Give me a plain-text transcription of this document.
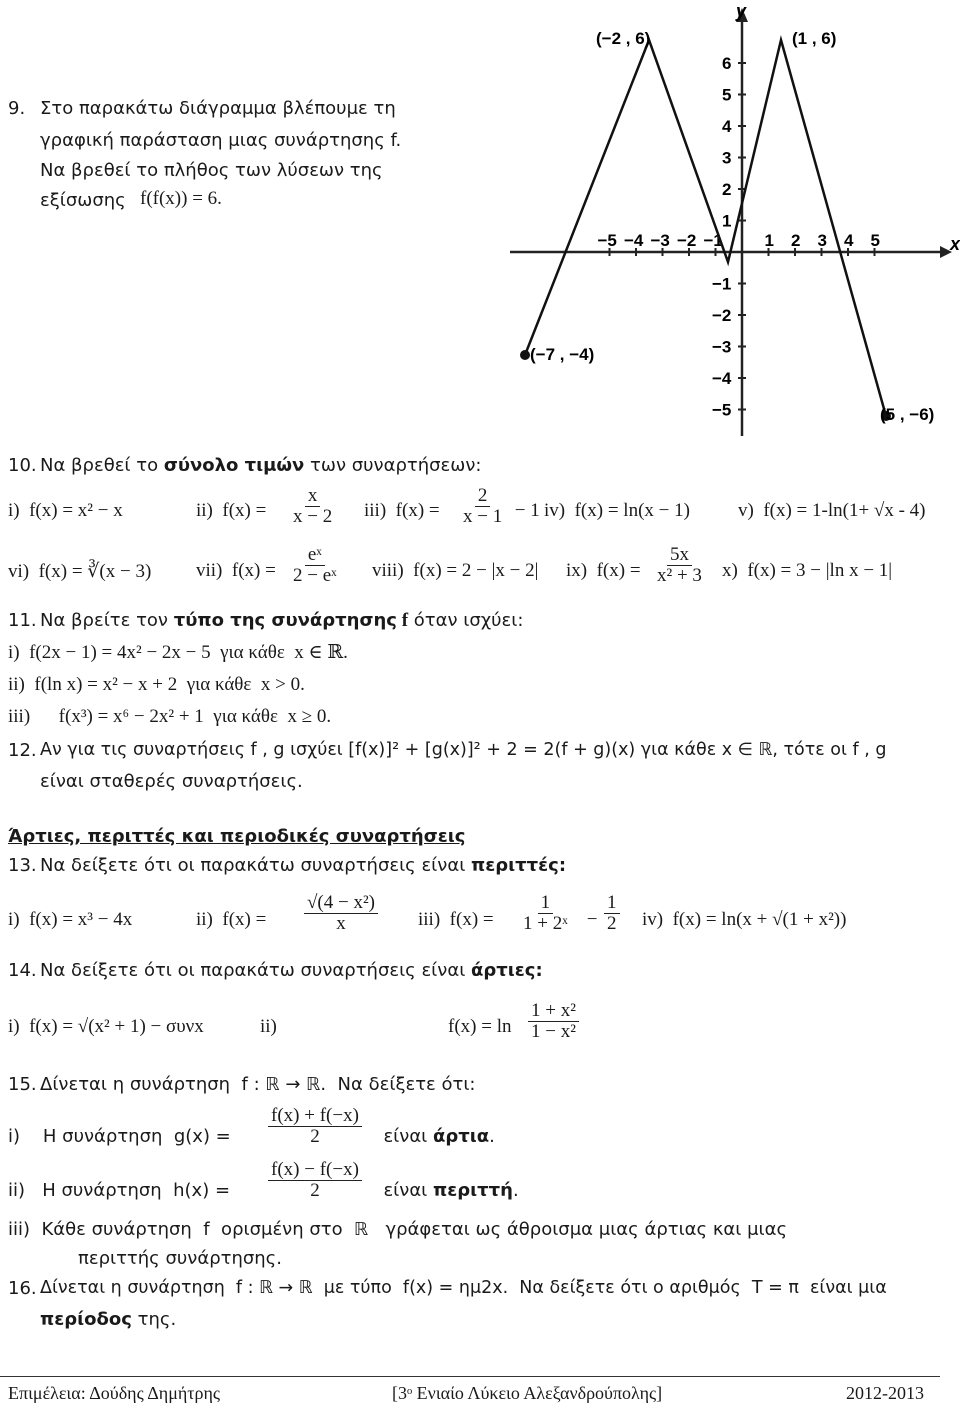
9. Στο παρακάτω διάγραμμα βλέπουμε τη
γραφική παράσταση μιας συνάρτησης f.
Να βρεθεί το πλήθος των λύσεων της
εξίσωσης f(f(x)) = 6.
−5 −4 −3 −2 −1 1 2 3 4 5
6
5
4
3
2
1
−1
−2
−3
−4
−5
x
y
(−2 , 6)	(1 , 6)
(−7 , −4)
(5 , −6)
10. Να βρεθεί το σύνολο τιμών των συναρτήσεων:
i)  f(x) = x² − x	ii)  $f(x) = \frac{x}{x - 2} iii$)  $f(x) = \frac{2}{x - 1} - 1$ iv)  f(x) = ln(x − 1)	v)  f(x) = 1-ln(1+ √x - 4)
vi)  f(x) = ∛(x − 3) vii)  $f(x) = \frac{\text{eˣ}}{\text{2 − eˣ}}$ viii)  f(x) = 2 − |x − 2| ix)  $f(x) = \frac{5x}{\text{x² + 3}} x$)  f(x) = 3 − |ln x − 1|
11. Να βρείτε τον τύπο της συνάρτησης f όταν ισχύει:
i)  f(2x − 1) = 4x² − 2x − 5  για κάθε  x ∈ ℝ.
ii)  f(ln x) = x² − x + 2  για κάθε  x > 0.
iii)      f(x³) = x⁶ − 2x² + 1  για κάθε  x ≥ 0.
12. Αν για τις συναρτήσεις f , g ισχύει [f(x)]² + [g(x)]² + 2 = 2(f + g)(x) για κάθε x ∈ ℝ, τότε οι f , g
είναι σταθερές συναρτήσεις.
Άρτιες, περιττές και περιοδικές συναρτήσεις
13. Να δείξετε ότι οι παρακάτω συναρτήσεις είναι περιττές:
i)  f(x) = x³ − 4x	ii)  $f(x) = \frac{\text{√(4 − x²)}}{x} iii$)  $f(x) = \frac{1}{\text{1 + 2ˣ}} - \frac{1}{2} iv$)  f(x) = ln(x + √(1 + x²))
14. Να δείξετε ότι οι παρακάτω συναρτήσεις είναι άρτιες:
i)  f(x) = √(x² + 1) − συνx	ii)	$f(x) = \ln \frac{\text{1 + x²}}{\text{1 − x²}}$
15. Δίνεται η συνάρτηση  f : ℝ → ℝ.  Να δείξετε ότι:
i)    Η συνάρτηση  $g(x) = \frac{f(x) + f(-x)}{2}$ είναι άρτια.
ii)   Η συνάρτηση  $h(x) = \frac{f(x) - f(-x)}{2}$ είναι περιττή.
iii)  Κάθε συνάρτηση  f  ορισμένη στο  ℝ   γράφεται ως άθροισμα μιας άρτιας και μιας
περιττής συνάρτησης.
16. Δίνεται η συνάρτηση  f : ℝ → ℝ  με τύπο  f(x) = ημ2x.  Να δείξετε ότι ο αριθμός  T = π  είναι μια
περίοδος της.
Επιμέλεια: Δούδης Δημήτρης	[3ᵒ Ενιαίο Λύκειο Αλεξανδρούπολης]	2012-2013
